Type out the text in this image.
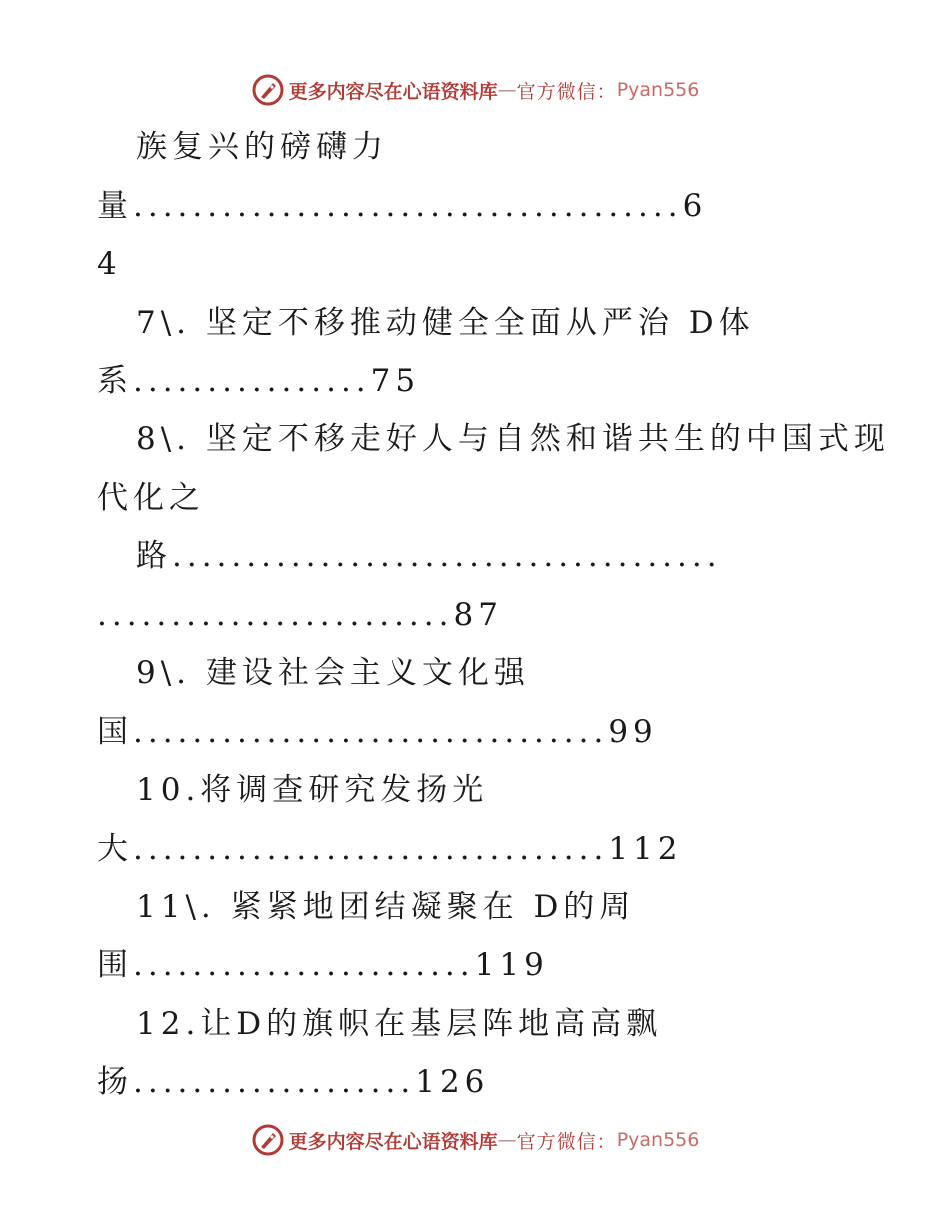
更多内容尽在心语资料库 — 官方微信： Pyan556
族复兴的磅礴力
量.....................................6
4
7\. 坚定不移推动健全全面从严治 D体
系................75
8\. 坚定不移走好人与自然和谐共生的中国式现
代化之
路.....................................
........................87
9\. 建设社会主义文化强
国................................99
10.将调查研究发扬光
大................................112
11\. 紧紧地团结凝聚在 D的周
围.......................119
12.让D的旗帜在基层阵地高高飘
扬...................126
更多内容尽在心语资料库 — 官方微信： Pyan556
